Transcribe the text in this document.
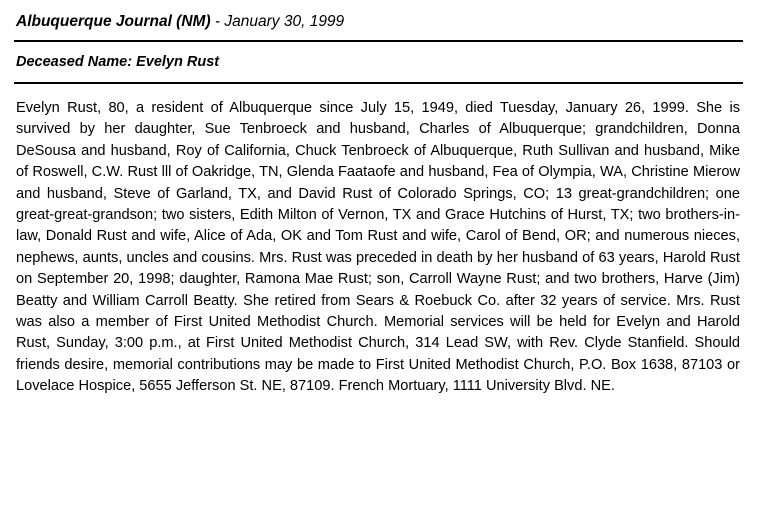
Albuquerque Journal (NM) - January 30, 1999
Deceased Name: Evelyn Rust
Evelyn Rust, 80, a resident of Albuquerque since July 15, 1949, died Tuesday, January 26, 1999. She is survived by her daughter, Sue Tenbroeck and husband, Charles of Albuquerque; grandchildren, Donna DeSousa and husband, Roy of California, Chuck Tenbroeck of Albuquerque, Ruth Sullivan and husband, Mike of Roswell, C.W. Rust lll of Oakridge, TN, Glenda Faataofe and husband, Fea of Olympia, WA, Christine Mierow and husband, Steve of Garland, TX, and David Rust of Colorado Springs, CO; 13 great-grandchildren; one great-great-grandson; two sisters, Edith Milton of Vernon, TX and Grace Hutchins of Hurst, TX; two brothers-in-law, Donald Rust and wife, Alice of Ada, OK and Tom Rust and wife, Carol of Bend, OR; and numerous nieces, nephews, aunts, uncles and cousins. Mrs. Rust was preceded in death by her husband of 63 years, Harold Rust on September 20, 1998; daughter, Ramona Mae Rust; son, Carroll Wayne Rust; and two brothers, Harve (Jim) Beatty and William Carroll Beatty. She retired from Sears & Roebuck Co. after 32 years of service. Mrs. Rust was also a member of First United Methodist Church. Memorial services will be held for Evelyn and Harold Rust, Sunday, 3:00 p.m., at First United Methodist Church, 314 Lead SW, with Rev. Clyde Stanfield. Should friends desire, memorial contributions may be made to First United Methodist Church, P.O. Box 1638, 87103 or Lovelace Hospice, 5655 Jefferson St. NE, 87109. French Mortuary, 1111 University Blvd. NE.
